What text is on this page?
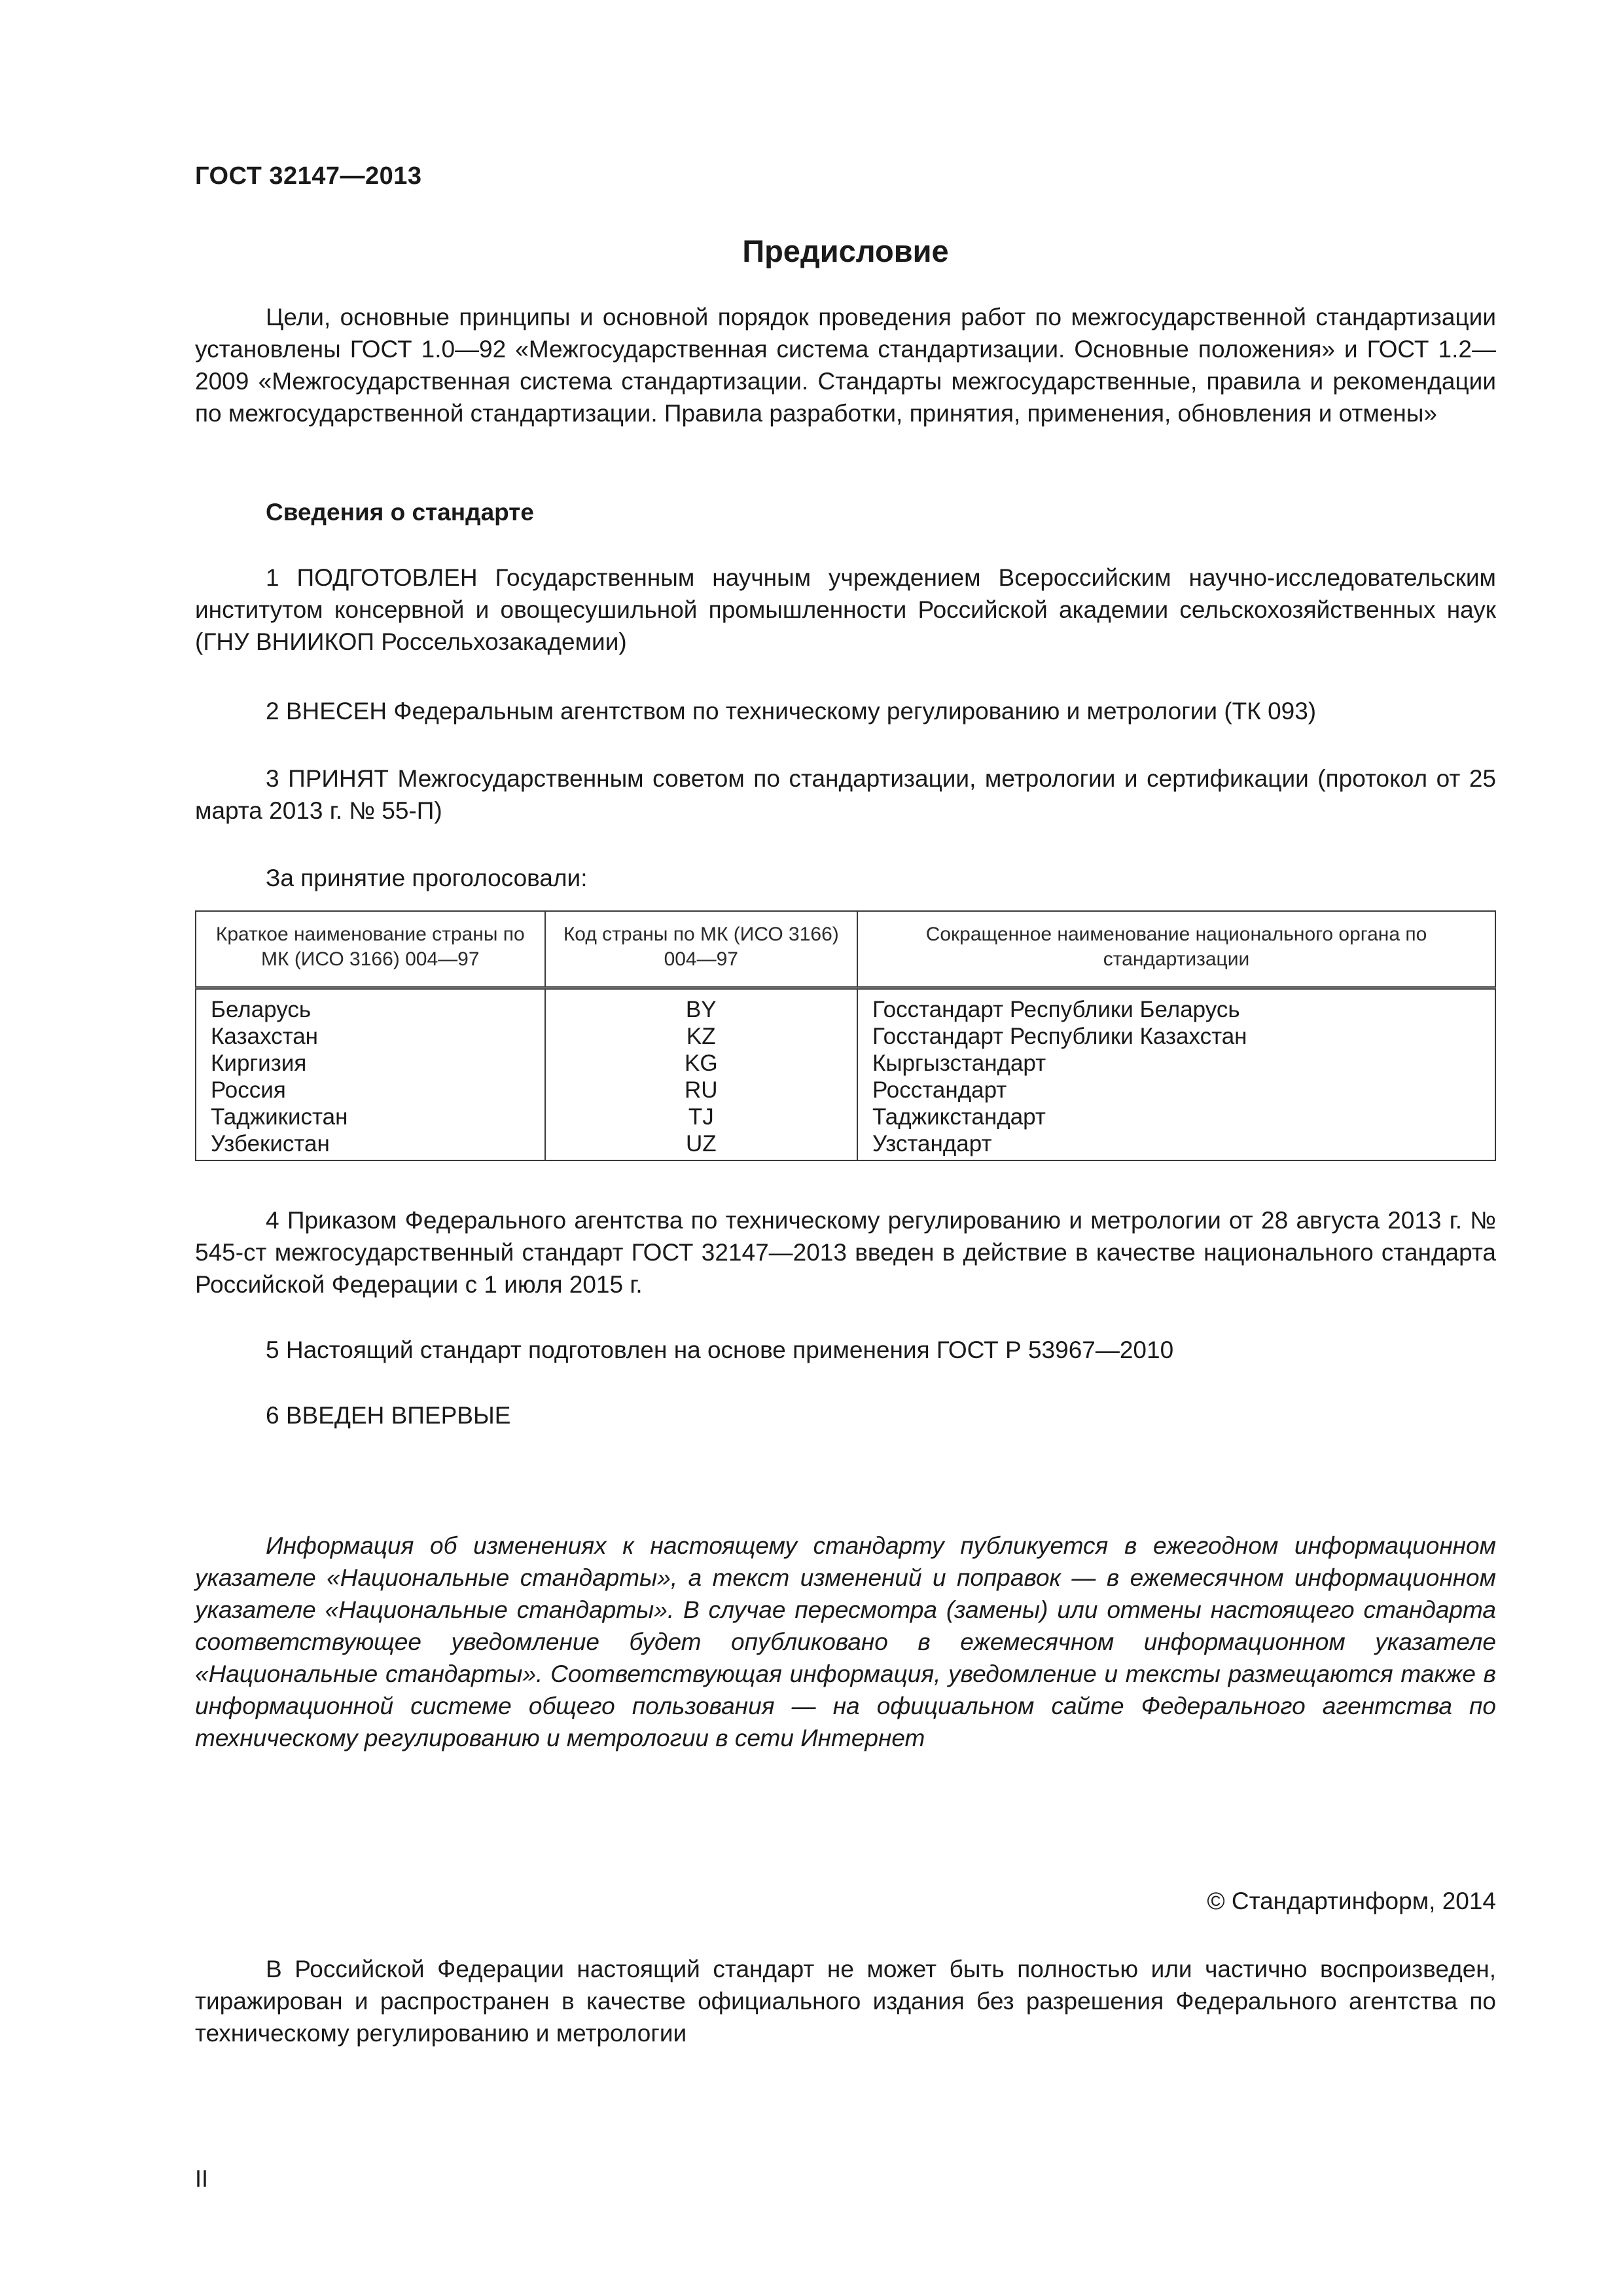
ГОСТ 32147—2013
Предисловие

Цели, основные принципы и основной порядок проведения работ по межгосударственной стандартизации установлены ГОСТ 1.0—92 «Межгосударственная система стандартизации. Основные положения» и ГОСТ 1.2—2009 «Межгосударственная система стандартизации. Стандарты межгосударственные, правила и рекомендации по межгосударственной стандартизации. Правила разработки, принятия, применения, обновления и отмены»

Сведения о стандарте

1 ПОДГОТОВЛЕН Государственным научным учреждением Всероссийским научно-исследовательским институтом консервной и овощесушильной промышленности Российской академии сельскохозяйственных наук (ГНУ ВНИИКОП Россельхозакадемии)

2 ВНЕСЕН Федеральным агентством по техническому регулированию и метрологии (ТК 093)

3 ПРИНЯТ Межгосударственным советом по стандартизации, метрологии и сертификации (протокол от 25 марта 2013 г. № 55-П)

За принятие проголосовали:

Краткое наименование страны по МК (ИСО 3166) 004—97	Код страны по МК (ИСО 3166) 004—97	Сокращенное наименование национального органа по стандартизации
Беларусь	BY	Госстандарт Республики Беларусь
Казахстан	KZ	Госстандарт Республики Казахстан
Киргизия	KG	Кыргызстандарт
Россия	RU	Росстандарт
Таджикистан	TJ	Таджикстандарт
Узбекистан	UZ	Узстандарт

4 Приказом Федерального агентства по техническому регулированию и метрологии от 28 августа 2013 г. № 545-ст межгосударственный стандарт ГОСТ 32147—2013 введен в действие в качестве национального стандарта Российской Федерации с 1 июля 2015 г.

5 Настоящий стандарт подготовлен на основе применения ГОСТ Р 53967—2010

6 ВВЕДЕН ВПЕРВЫЕ

Информация об изменениях к настоящему стандарту публикуется в ежегодном информационном указателе «Национальные стандарты», а текст изменений и поправок — в ежемесячном информационном указателе «Национальные стандарты». В случае пересмотра (замены) или отмены настоящего стандарта соответствующее уведомление будет опубликовано в ежемесячном информационном указателе «Национальные стандарты». Соответствующая информация, уведомление и тексты размещаются также в информационной системе общего пользования — на официальном сайте Федерального агентства по техническому регулированию и метрологии в сети Интернет

© Стандартинформ, 2014

В Российской Федерации настоящий стандарт не может быть полностью или частично воспроизведен, тиражирован и распространен в качестве официального издания без разрешения Федерального агентства по техническому регулированию и метрологии

II
